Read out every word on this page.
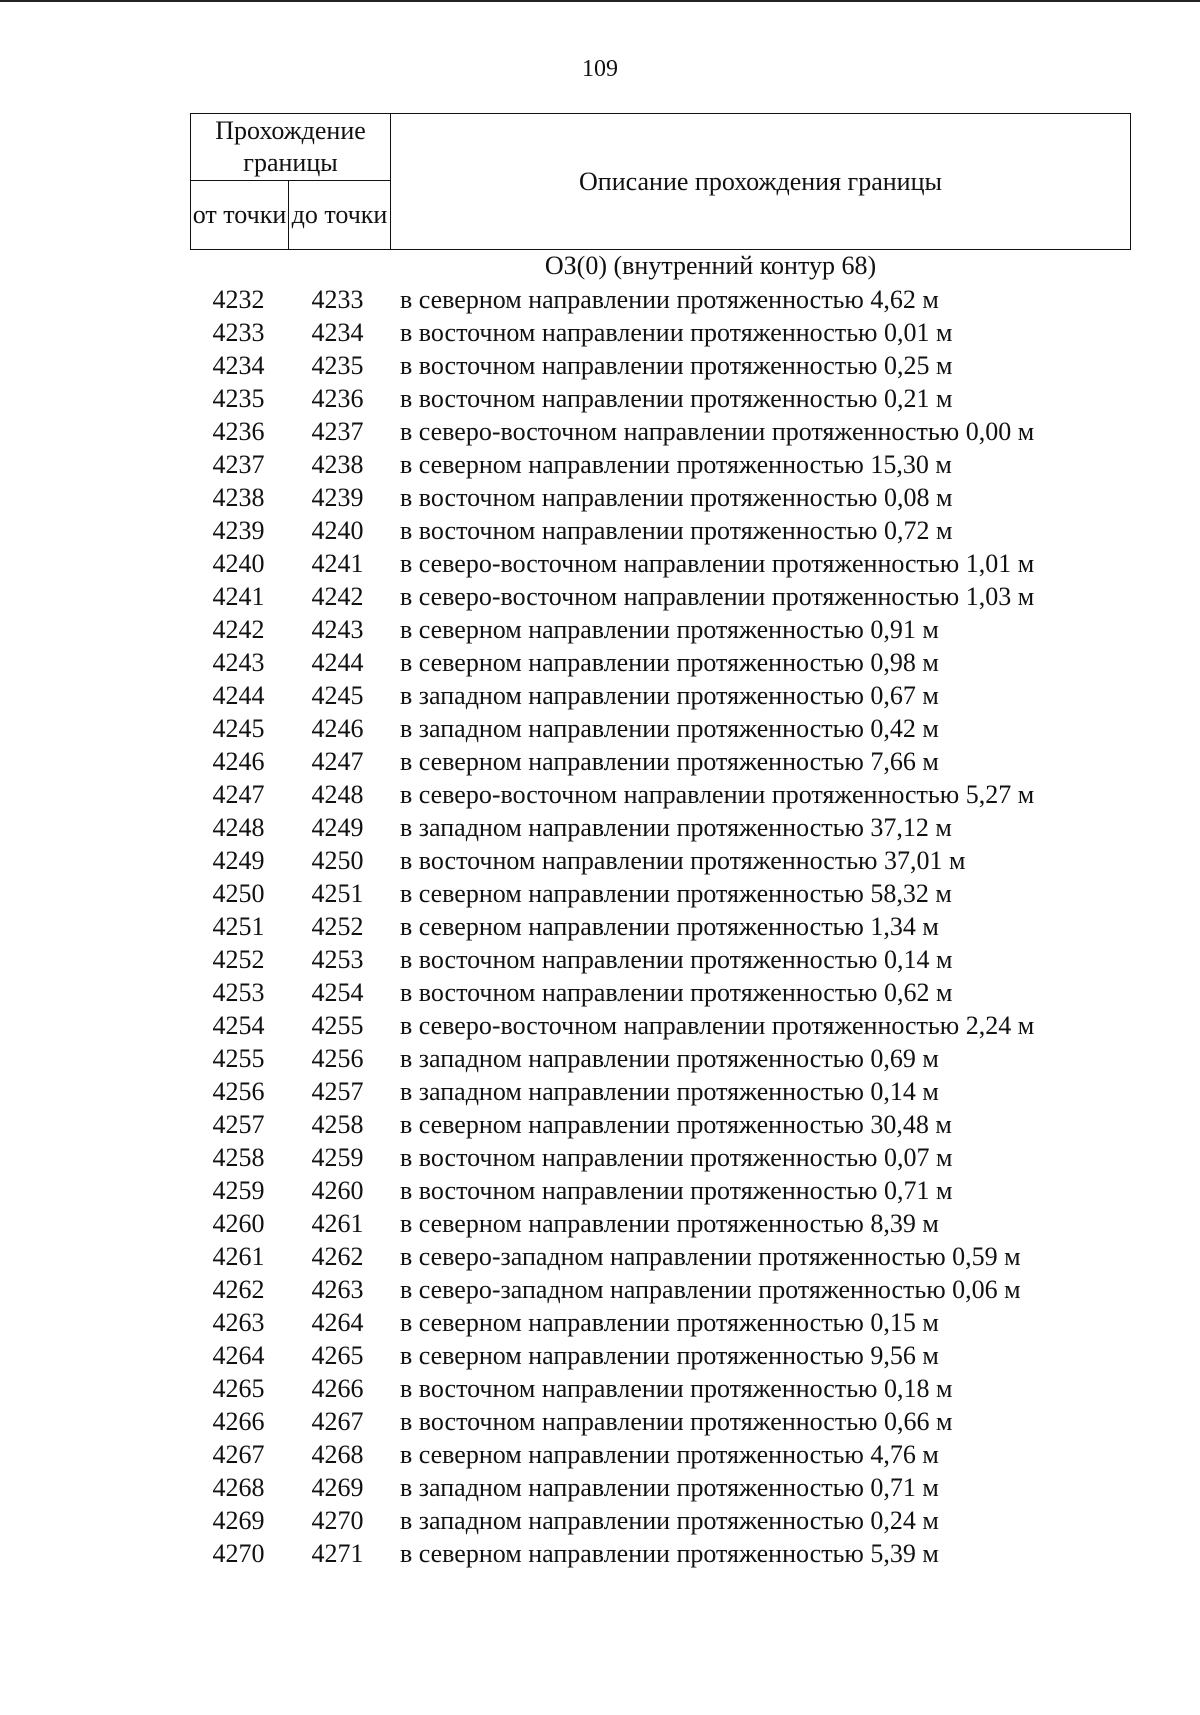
109
Прохождение границы		Описание прохождения границы
от точки	до точки	
ОЗ(0) (внутренний контур 68)
4232	4233	в северном направлении протяженностью 4,62 м
4233	4234	в восточном направлении протяженностью 0,01 м
4234	4235	в восточном направлении протяженностью 0,25 м
4235	4236	в восточном направлении протяженностью 0,21 м
4236	4237	в северо-восточном направлении протяженностью 0,00 м
4237	4238	в северном направлении протяженностью 15,30 м
4238	4239	в восточном направлении протяженностью 0,08 м
4239	4240	в восточном направлении протяженностью 0,72 м
4240	4241	в северо-восточном направлении протяженностью 1,01 м
4241	4242	в северо-восточном направлении протяженностью 1,03 м
4242	4243	в северном направлении протяженностью 0,91 м
4243	4244	в северном направлении протяженностью 0,98 м
4244	4245	в западном направлении протяженностью 0,67 м
4245	4246	в западном направлении протяженностью 0,42 м
4246	4247	в северном направлении протяженностью 7,66 м
4247	4248	в северо-восточном направлении протяженностью 5,27 м
4248	4249	в западном направлении протяженностью 37,12 м
4249	4250	в восточном направлении протяженностью 37,01 м
4250	4251	в северном направлении протяженностью 58,32 м
4251	4252	в северном направлении протяженностью 1,34 м
4252	4253	в восточном направлении протяженностью 0,14 м
4253	4254	в восточном направлении протяженностью 0,62 м
4254	4255	в северо-восточном направлении протяженностью 2,24 м
4255	4256	в западном направлении протяженностью 0,69 м
4256	4257	в западном направлении протяженностью 0,14 м
4257	4258	в северном направлении протяженностью 30,48 м
4258	4259	в восточном направлении протяженностью 0,07 м
4259	4260	в восточном направлении протяженностью 0,71 м
4260	4261	в северном направлении протяженностью 8,39 м
4261	4262	в северо-западном направлении протяженностью 0,59 м
4262	4263	в северо-западном направлении протяженностью 0,06 м
4263	4264	в северном направлении протяженностью 0,15 м
4264	4265	в северном направлении протяженностью 9,56 м
4265	4266	в восточном направлении протяженностью 0,18 м
4266	4267	в восточном направлении протяженностью 0,66 м
4267	4268	в северном направлении протяженностью 4,76 м
4268	4269	в западном направлении протяженностью 0,71 м
4269	4270	в западном направлении протяженностью 0,24 м
4270	4271	в северном направлении протяженностью 5,39 м
